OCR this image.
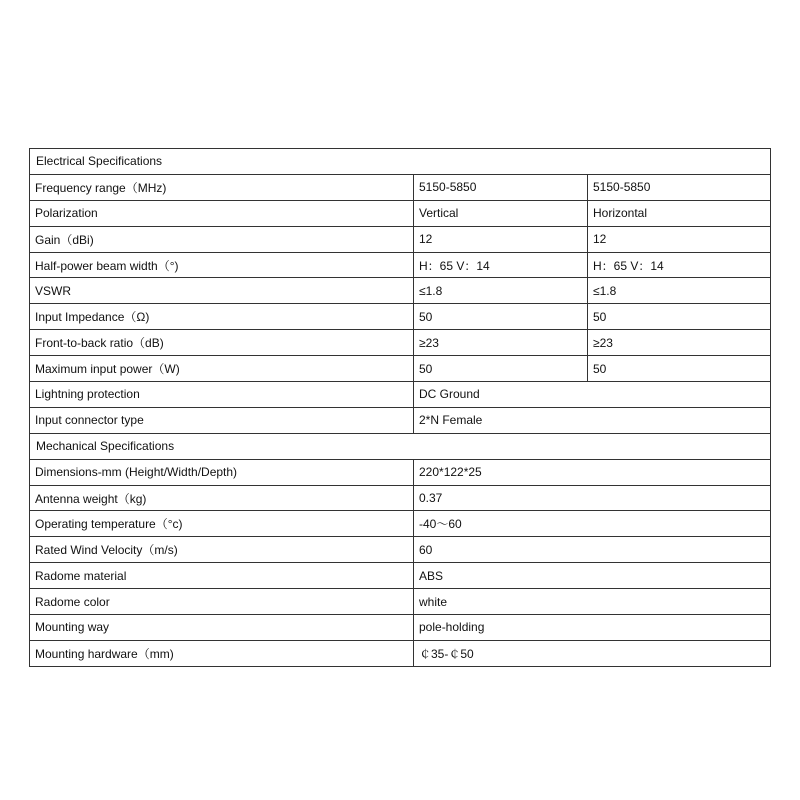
Electrical Specifications		
Frequency range（MHz)	5150-5850	5150-5850
Polarization	Vertical	Horizontal
Gain（dBi)	12	12
Half-power beam width（°)	H：65 V：14	H：65 V：14
VSWR	≤1.8	≤1.8
Input Impedance（Ω)	50	50
Front-to-back ratio（dB)	≥23	≥23
Maximum input power（W)	50	50
Lightning protection	DC Ground	
Input connector type	2*N Female	
Mechanical Specifications		
Dimensions-mm (Height/Width/Depth)	220*122*25	
Antenna weight（kg)	0.37	
Operating temperature（°c)	-40～60	
Rated Wind Velocity（m/s)	60	
Radome material	ABS	
Radome color	white	
Mounting way	pole-holding	
Mounting hardware（mm)	￠35-￠50	
